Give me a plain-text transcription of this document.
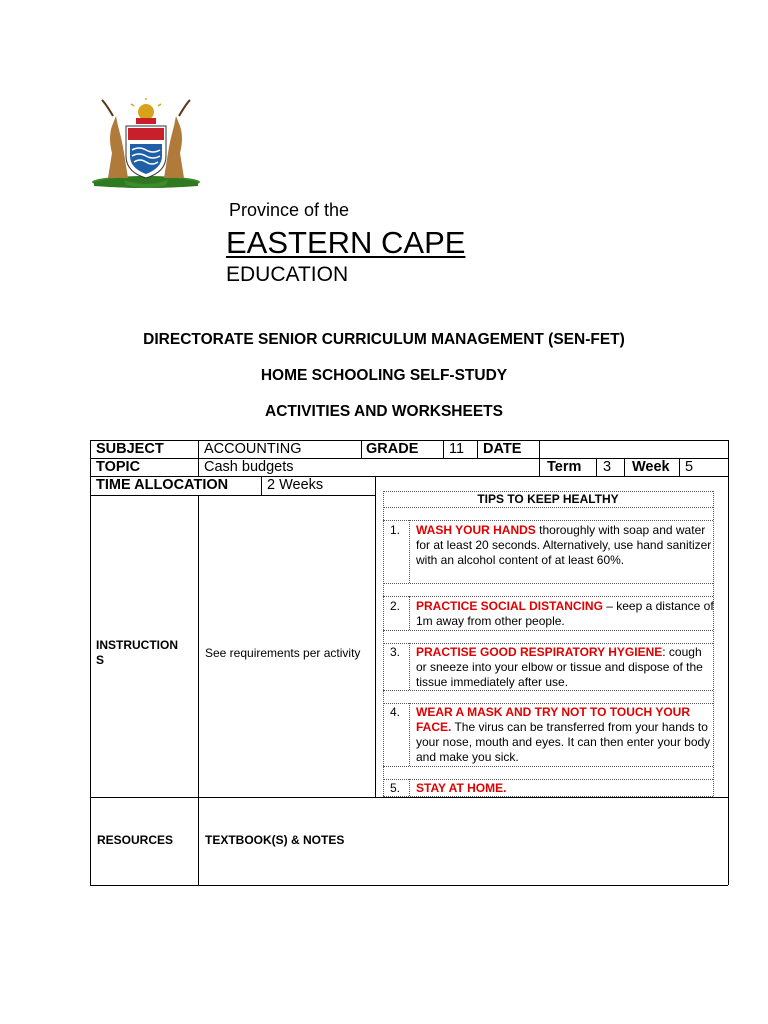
Province of the
EASTERN CAPE
EDUCATION
DIRECTORATE SENIOR CURRICULUM MANAGEMENT (SEN-FET)
HOME SCHOOLING SELF-STUDY
ACTIVITIES AND WORKSHEETS
SUBJECT	ACCOUNTING	GRADE 11 DATE
TOPIC	Cash budgets	Term 3 Week 5
TIME ALLOCATION	2 Weeks
INSTRUCTION
S	See requirements per activity
RESOURCES	TEXTBOOK(S) & NOTES
TIPS TO KEEP HEALTHY
1. WASH YOUR HANDS thoroughly with soap and water for at least 20 seconds. Alternatively, use hand sanitizer with an alcohol content of at least 60%.
2. PRACTICE SOCIAL DISTANCING – keep a distance of 1m away from other people.
3. PRACTISE GOOD RESPIRATORY HYGIENE: cough or sneeze into your elbow or tissue and dispose of the tissue immediately after use.
4. WEAR A MASK AND TRY NOT TO TOUCH YOUR FACE. The virus can be transferred from your hands to your nose, mouth and eyes. It can then enter your body and make you sick.
5. STAY AT HOME.
